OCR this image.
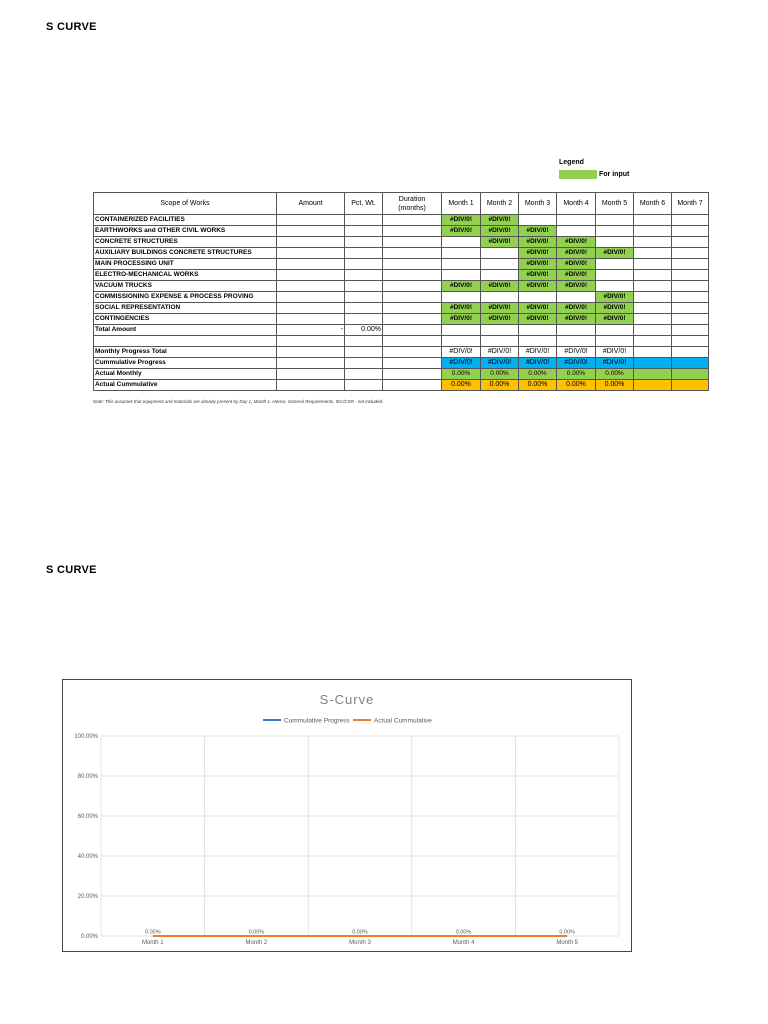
S CURVE
Legend
For input
Scope of Works	Amount	Pct. Wt.	Duration
(months)	Month 1	Month 2	Month 3	Month 4	Month 5	Month 6	Month 7
CONTAINERIZED FACILITIES				#DIV/0!	#DIV/0!					
EARTHWORKS and OTHER CIVIL WORKS				#DIV/0!	#DIV/0!	#DIV/0!				
CONCRETE STRUCTURES					#DIV/0!	#DIV/0!	#DIV/0!			
AUXILIARY BUILDINGS CONCRETE STRUCTURES						#DIV/0!	#DIV/0!	#DIV/0!		
MAIN PROCESSING UNIT						#DIV/0!	#DIV/0!			
ELECTRO-MECHANICAL WORKS						#DIV/0!	#DIV/0!			
VACUUM TRUCKS				#DIV/0!	#DIV/0!	#DIV/0!	#DIV/0!			
COMMISSIONING EXPENSE & PROCESS PROVING								#DIV/0!		
SOCIAL REPRESENTATION				#DIV/0!	#DIV/0!	#DIV/0!	#DIV/0!	#DIV/0!		
CONTINGENCIES				#DIV/0!	#DIV/0!	#DIV/0!	#DIV/0!	#DIV/0!		
Total Amount	-	0.00%								

Monthly Progress Total				#DIV/0!	#DIV/0!	#DIV/0!	#DIV/0!	#DIV/0!		
Cummulative Progress				#DIV/0!	#DIV/0!	#DIV/0!	#DIV/0!	#DIV/0!		
Actual Monthly				0.00%	0.00%	0.00%	0.00%	0.00%		
Actual Cummulative				0.00%	0.00%	0.00%	0.00%	0.00%		
Note: This assumes that equipment and materials are already present by Day 1, Month 1. Hence, General Requirements, IEC/CSR - not included.
S CURVE
S-Curve
Cummulative Progress	Actual Cummulative
0.00%
20.00%
40.00%
60.00%
80.00%
100.00%
Month 1	Month 2	Month 3	Month 4	Month 5
0.00%	0.00%	0.00%	0.00%	0.00%
